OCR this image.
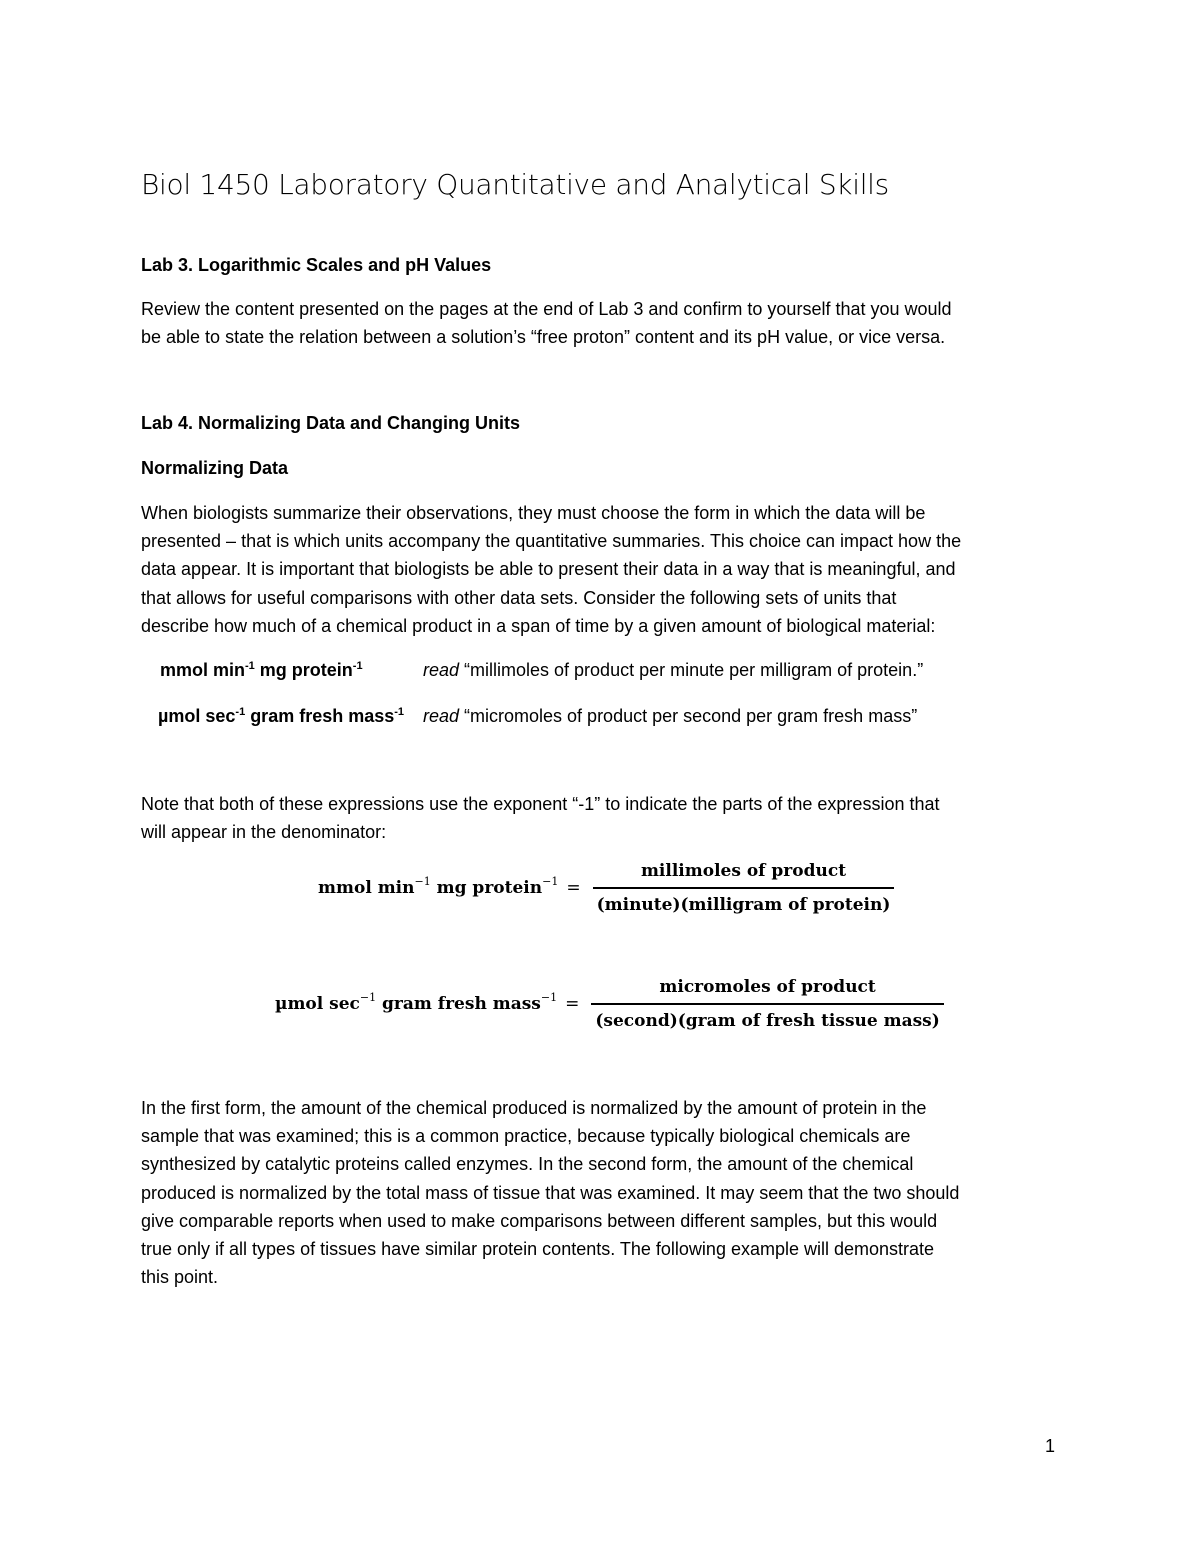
Biol 1450 Laboratory Quantitative and Analytical Skills
Lab 3. Logarithmic Scales and pH Values
Review the content presented on the pages at the end of Lab 3 and confirm to yourself that you would
be able to state the relation between a solution’s “free proton” content and its pH value, or vice versa.
Lab 4. Normalizing Data and Changing Units
Normalizing Data
When biologists summarize their observations, they must choose the form in which the data will be
presented – that is which units accompany the quantitative summaries. This choice can impact how the
data appear. It is important that biologists be able to present their data in a way that is meaningful, and
that allows for useful comparisons with other data sets. Consider the following sets of units that
describe how much of a chemical product in a span of time by a given amount of biological material:
mmol $\min^{-1}$ mg protein$^{-1}$	read “millimoles of product per minute per milligram of protein.”
µmol $\sec^{-1}$ gram fresh mass$^{-1}$ read “micromoles of product per second per gram fresh mass”
Note that both of these expressions use the exponent “-1” to indicate the parts of the expression that
will appear in the denominator:
mmol $\min^{-1}$ mg protein$^{-1}$ = $\frac{\text{millimoles of product}}{\text{(minute)(milligram of protein)}}$
µmol $\sec^{-1}$ gram fresh mass$^{-1}$ = $\frac{\text{micromoles of product}}{\text{(second)(gram of fresh tissue mass)}}$
In the first form, the amount of the chemical produced is normalized by the amount of protein in the
sample that was examined; this is a common practice, because typically biological chemicals are
synthesized by catalytic proteins called enzymes. In the second form, the amount of the chemical
produced is normalized by the total mass of tissue that was examined. It may seem that the two should
give comparable reports when used to make comparisons between different samples, but this would
true only if all types of tissues have similar protein contents. The following example will demonstrate
this point.
1
